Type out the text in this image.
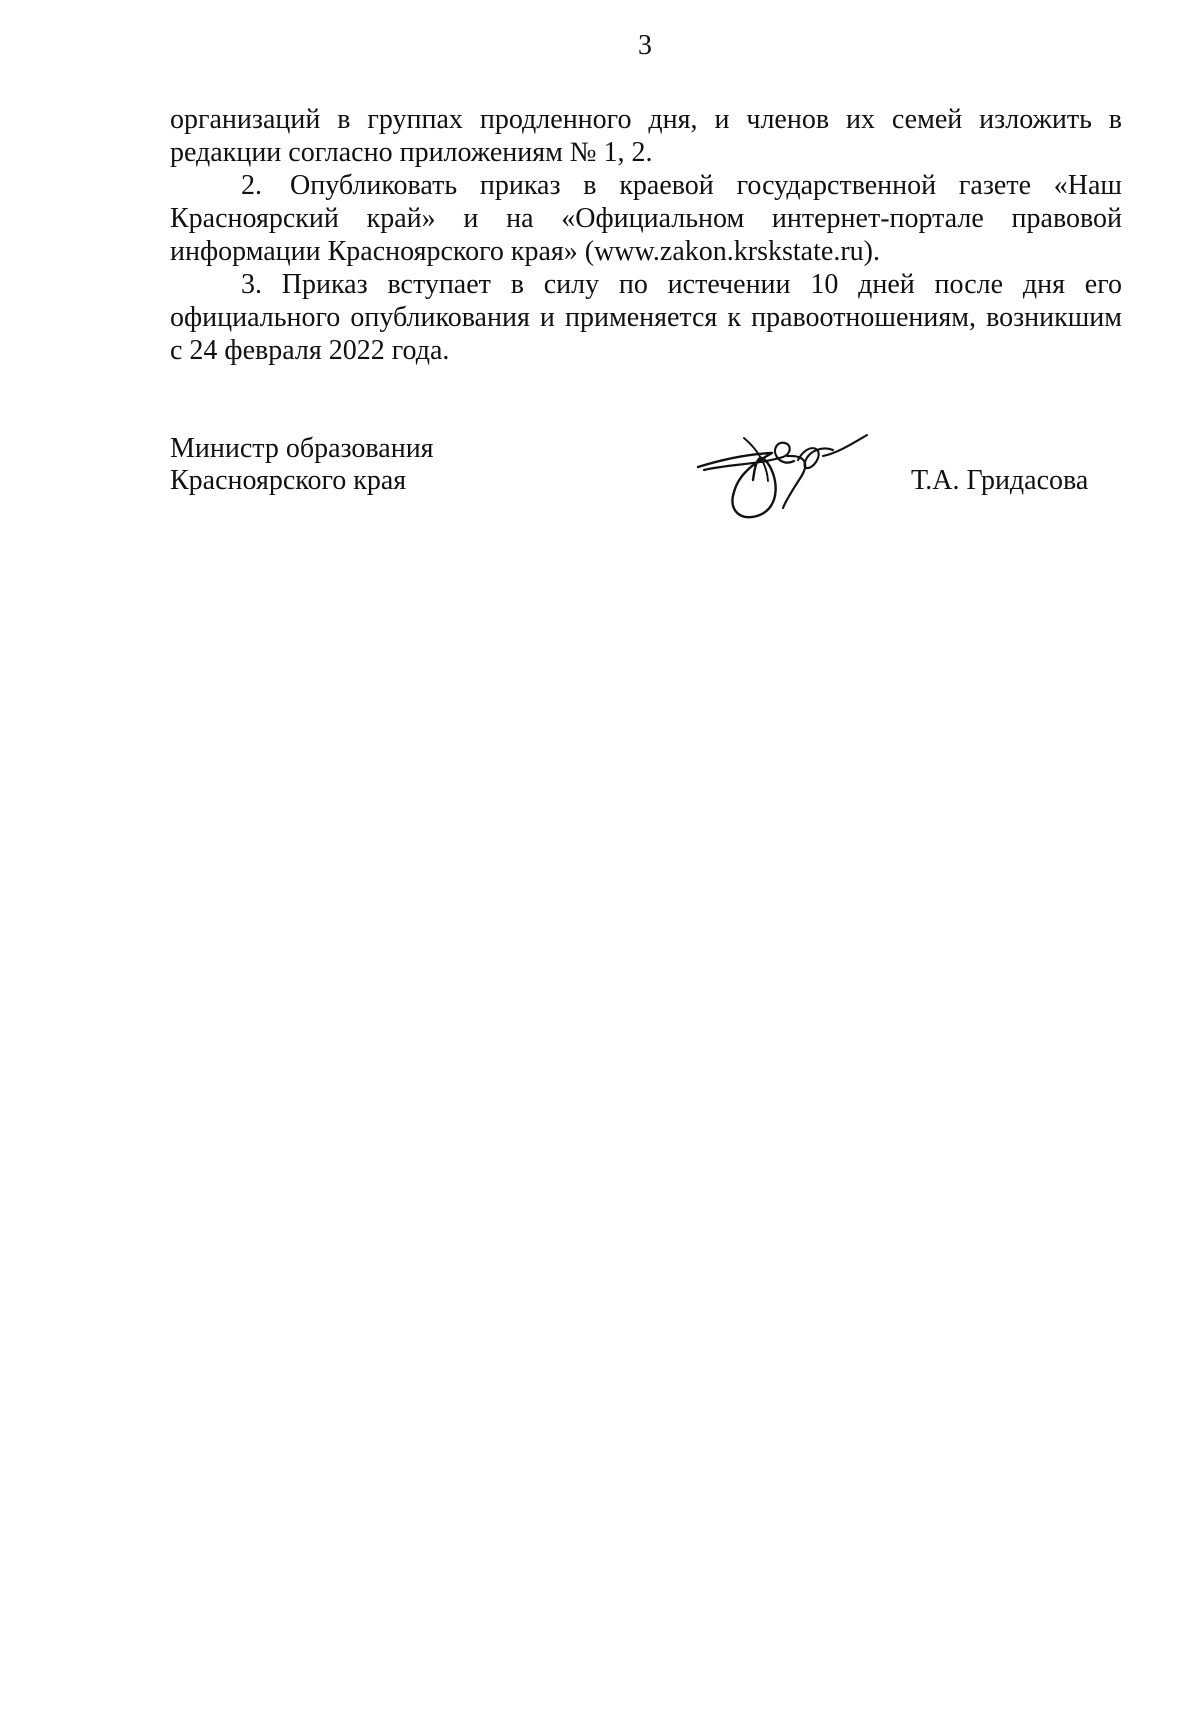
3

организаций в группах продленного дня, и членов их семей изложить в редакции согласно приложениям № 1, 2.

2. Опубликовать приказ в краевой государственной газете «Наш Красноярский край» и на «Официальном интернет-портале правовой информации Красноярского края» (www.zakon.krskstate.ru).

3. Приказ вступает в силу по истечении 10 дней после дня его официального опубликования и применяется к правоотношениям, возникшим с 24 февраля 2022 года.

Министр образования
Красноярского края	Т.А. Гридасова
